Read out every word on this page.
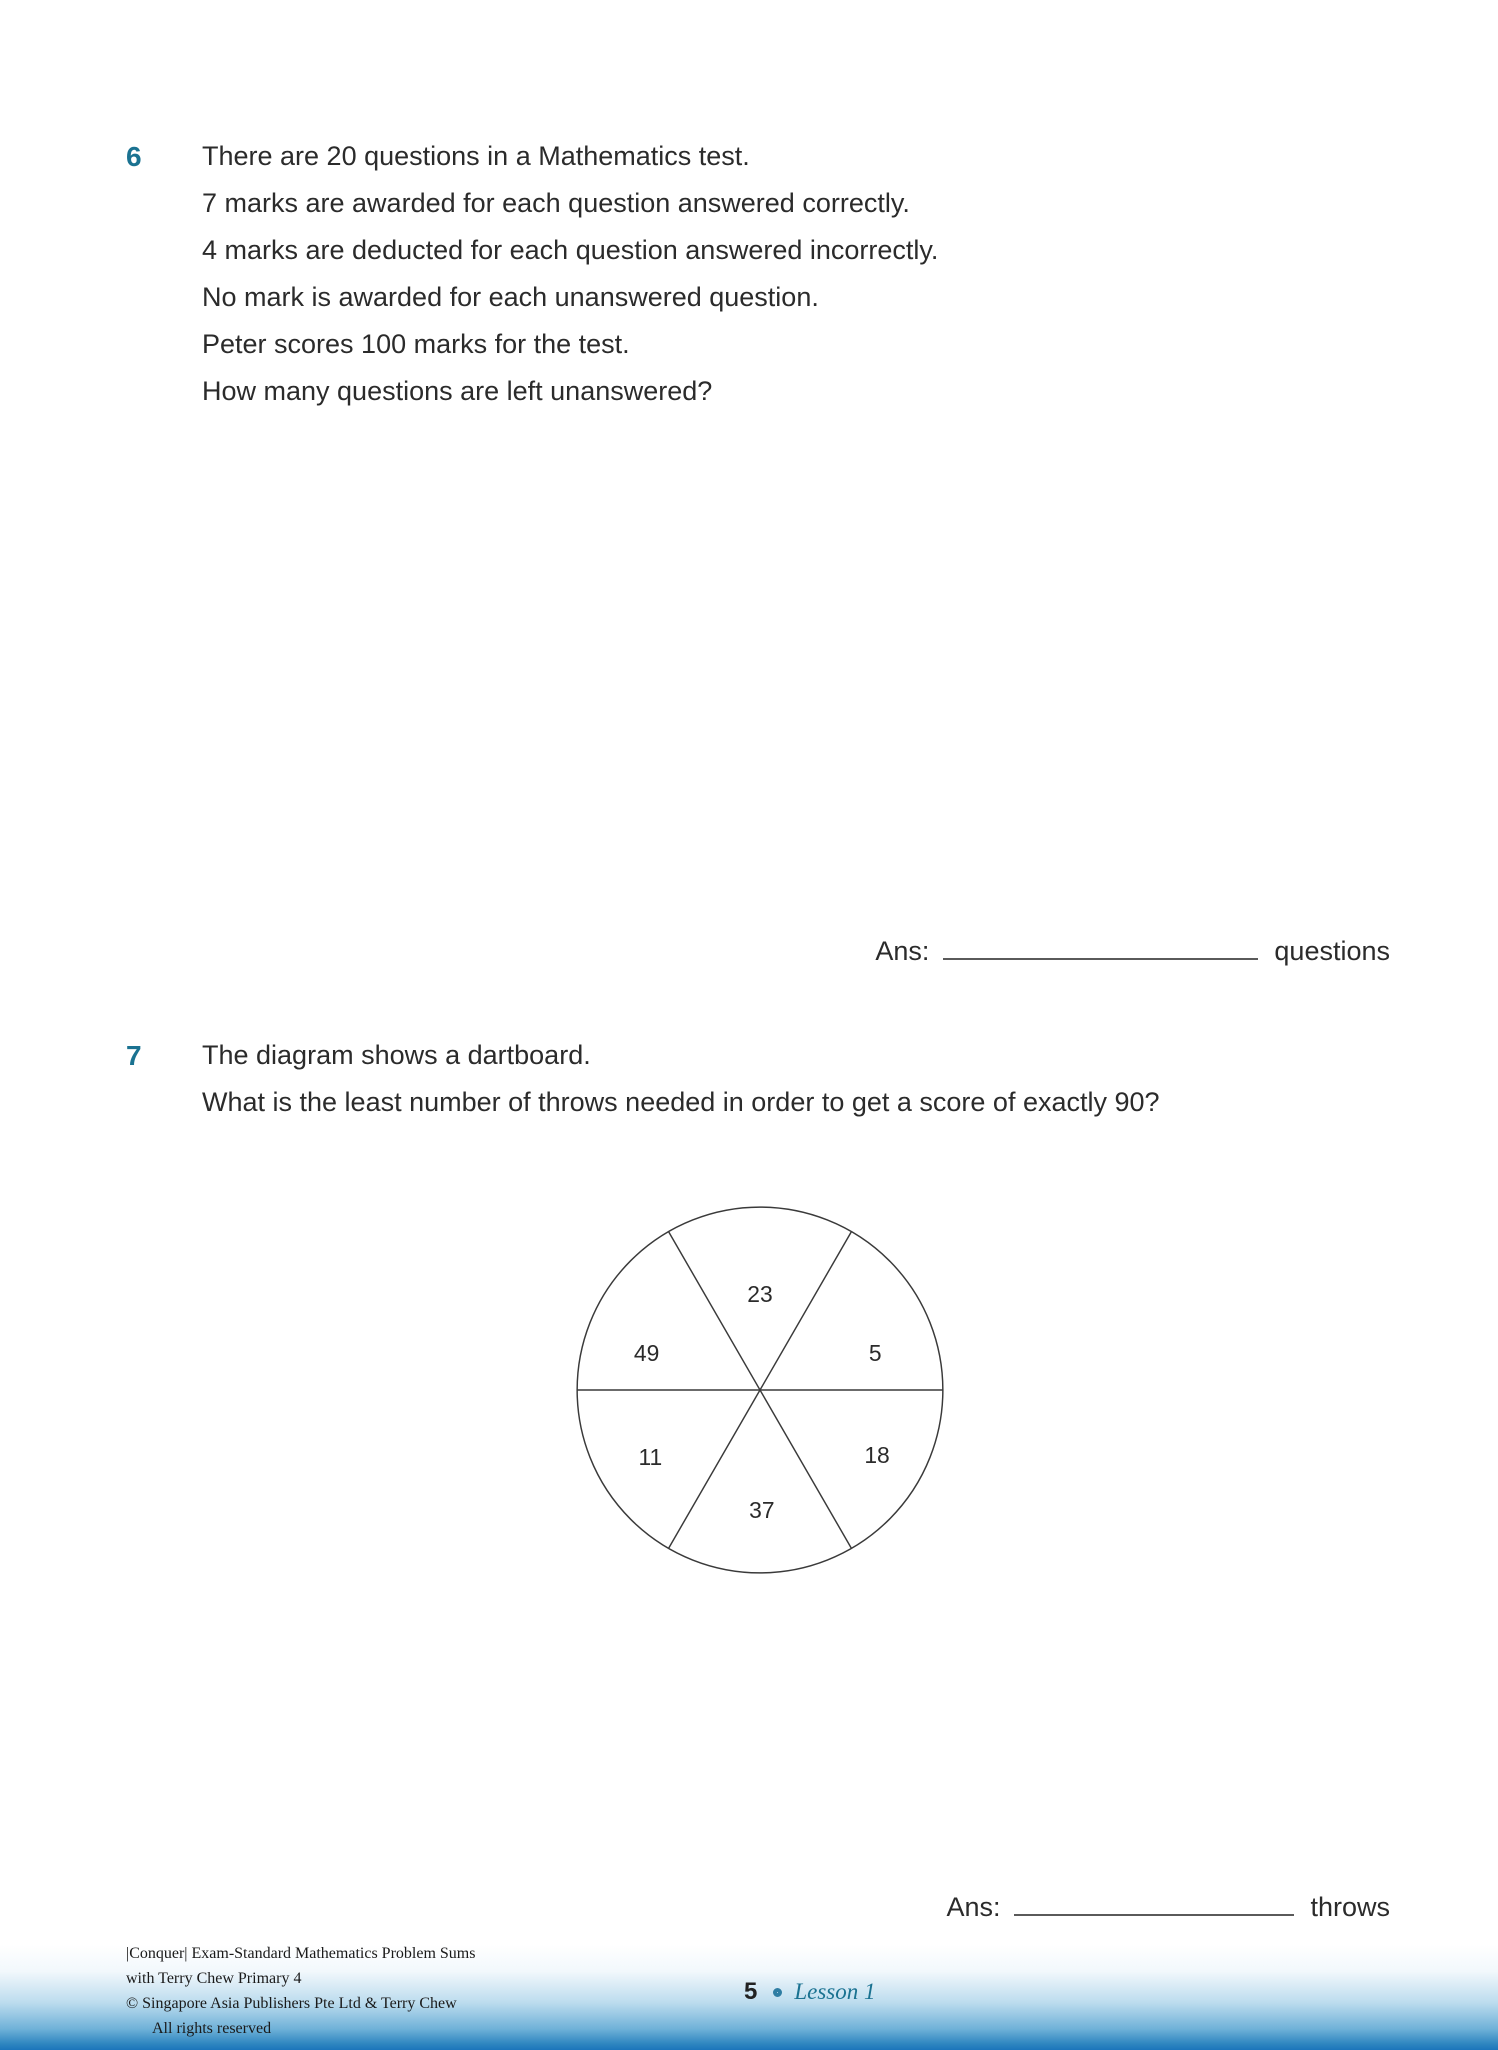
6 There are 20 questions in a Mathematics test.
7 marks are awarded for each question answered correctly.
4 marks are deducted for each question answered incorrectly.
No mark is awarded for each unanswered question.
Peter scores 100 marks for the test.
How many questions are left unanswered?
Ans:	questions
7 The diagram shows a dartboard.
What is the least number of throws needed in order to get a score of exactly 90?
23
5
18
37
11
49
Ans:	throws
|Conquer| Exam-Standard Mathematics Problem Sums
with Terry Chew Primary 4
© Singapore Asia Publishers Pte Ltd & Terry Chew
All rights reserved
5 Lesson 1
